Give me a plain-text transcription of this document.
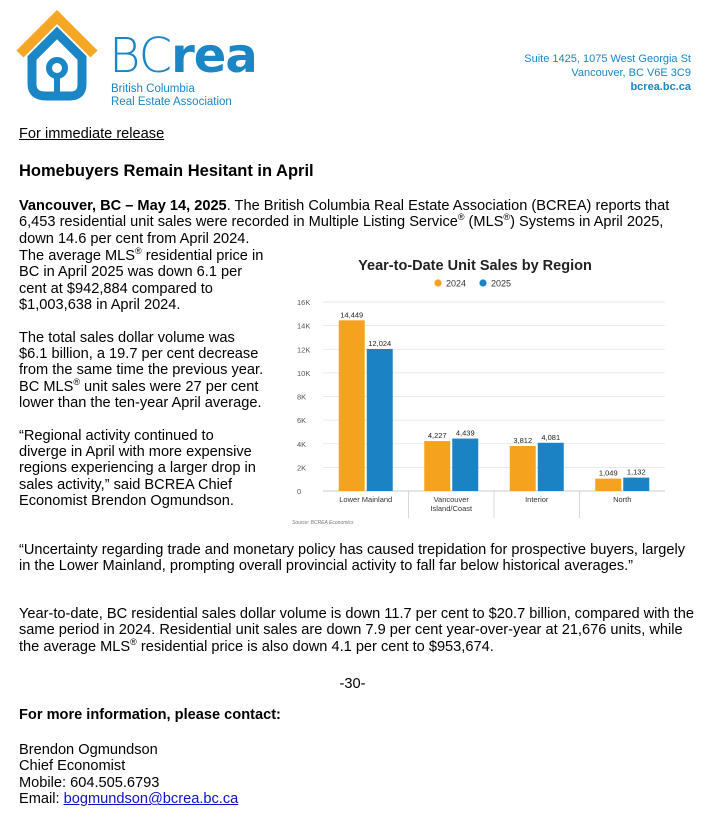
BCrea
British Columbia
Real Estate Association
Suite 1425, 1075 West Georgia St
Vancouver, BC V6E 3C9
bcrea.bc.ca
For immediate release
Homebuyers Remain Hesitant in April
Vancouver, BC – May 14, 2025. The British Columbia Real Estate Association (BCREA) reports that 6,453 residential unit sales were recorded in Multiple Listing Service® (MLS®) Systems in April 2025, down 14.6 per cent from April 2024.

The average MLS® residential price in BC in April 2025 was down 6.1 per cent at $942,884 compared to $1,003,638 in April 2024.

The total sales dollar volume was $6.1 billion, a 19.7 per cent decrease from the same time the previous year. BC MLS® unit sales were 27 per cent lower than the ten-year April average.

“Regional activity continued to diverge in April with more expensive regions experiencing a larger drop in sales activity,” said BCREA Chief Economist Brendon Ogmundson.

“Uncertainty regarding trade and monetary policy has caused trepidation for prospective buyers, largely in the Lower Mainland, prompting overall provincial activity to fall far below historical averages.”
Year-to-date, BC residential sales dollar volume is down 11.7 per cent to $20.7 billion, compared with the same period in 2024. Residential unit sales are down 7.9 per cent year-over-year at 21,676 units, while the average MLS® residential price is also down 4.1 per cent to $953,674.
-30-
For more information, please contact:
Brendon Ogmundson
Chief Economist
Mobile: 604.505.6793
Email: bogmundson@bcrea.bc.ca
Year-to-Date Unit Sales by Region
2024	2025
0
2K
4K
6K
8K
10K
12K
14K
16K
14,449
12,024
4,227 4,439
3,812 4,081
1,049 1,132
Lower Mainland	Vancouver
Island/Coast
Interior	North
Source: BCREA Economics
